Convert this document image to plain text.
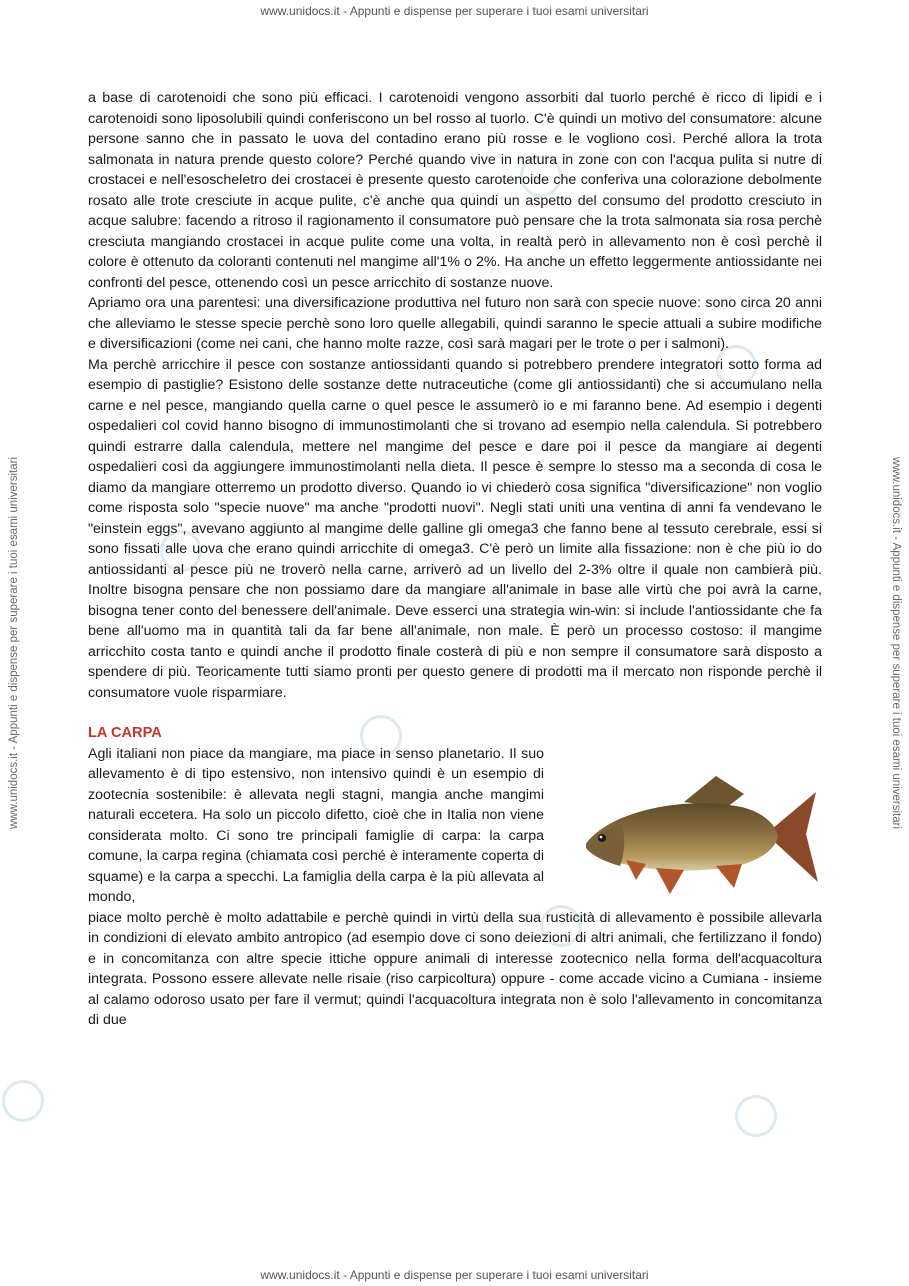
www.unidocs.it - Appunti e dispense per superare i tuoi esami universitari
www.unidocs.it - Appunti e dispense per superare i tuoi esami universitari	www.unidocs.it - Appunti e dispense per superare i tuoi esami universitari

a base di carotenoidi che sono più efficaci. I carotenoidi vengono assorbiti dal tuorlo perché è ricco di lipidi e i carotenoidi sono liposolubili quindi conferiscono un bel rosso al tuorlo. C'è quindi un motivo del consumatore: alcune persone sanno che in passato le uova del contadino erano più rosse e le vogliono così. Perché allora la trota salmonata in natura prende questo colore? Perché quando vive in natura in zone con con l'acqua pulita si nutre di crostacei e nell'esoscheletro dei crostacei è presente questo carotenoide che conferiva una colorazione debolmente rosato alle trote cresciute in acque pulite, c'è anche qua quindi un aspetto del consumo del prodotto cresciuto in acque salubre: facendo a ritroso il ragionamento il consumatore può pensare che la trota salmonata sia rosa perchè cresciuta mangiando crostacei in acque pulite come una volta, in realtà però in allevamento non è così perchè il colore è ottenuto da coloranti contenuti nel mangime all'1% o 2%. Ha anche un effetto leggermente antiossidante nei confronti del pesce, ottenendo così un pesce arricchito di sostanze nuove.

Apriamo ora una parentesi: una diversificazione produttiva nel futuro non sarà con specie nuove: sono circa 20 anni che alleviamo le stesse specie perchè sono loro quelle allegabili, quindi saranno le specie attuali a subire modifiche e diversificazioni (come nei cani, che hanno molte razze, così sarà magari per le trote o per i salmoni).

Ma perchè arricchire il pesce con sostanze antiossidanti quando si potrebbero prendere integratori sotto forma ad esempio di pastiglie? Esistono delle sostanze dette nutraceutiche (come gli antiossidanti) che si accumulano nella carne e nel pesce, mangiando quella carne o quel pesce le assumerò io e mi faranno bene. Ad esempio i degenti ospedalieri col covid hanno bisogno di immunostimolanti che si trovano ad esempio nella calendula. Si potrebbero quindi estrarre dalla calendula, mettere nel mangime del pesce e dare poi il pesce da mangiare ai degenti ospedalieri così da aggiungere immunostimolanti nella dieta. Il pesce è sempre lo stesso ma a seconda di cosa le diamo da mangiare otterremo un prodotto diverso. Quando io vi chiederò cosa significa "diversificazione" non voglio come risposta solo "specie nuove" ma anche "prodotti nuovi". Negli stati uniti una ventina di anni fa vendevano le "einstein eggs", avevano aggiunto al mangime delle galline gli omega3 che fanno bene al tessuto cerebrale, essi si sono fissati alle uova che erano quindi arricchite di omega3. C'è però un limite alla fissazione: non è che più io do antiossidanti al pesce più ne troverò nella carne, arriverò ad un livello del 2-3% oltre il quale non cambierà più. Inoltre bisogna pensare che non possiamo dare da mangiare all'animale in base alle virtù che poi avrà la carne, bisogna tener conto del benessere dell'animale. Deve esserci una strategia win-win: si include l'antiossidante che fa bene all'uomo ma in quantità tali da far bene all'animale, non male. È però un processo costoso: il mangime arricchito costa tanto e quindi anche il prodotto finale costerà di più e non sempre il consumatore sarà disposto a spendere di più. Teoricamente tutti siamo pronti per questo genere di prodotti ma il mercato non risponde perchè il consumatore vuole risparmiare.

LA CARPA
Agli italiani non piace da mangiare, ma piace in senso planetario. Il suo allevamento è di tipo estensivo, non intensivo quindi è un esempio di zootecnia sostenibile: è allevata negli stagni, mangia anche mangimi naturali eccetera. Ha solo un piccolo difetto, cioè che in Italia non viene considerata molto. Ci sono tre principali famiglie di carpa: la carpa comune, la carpa regina (chiamata così perché è interamente coperta di squame) e la carpa a specchi. La famiglia della carpa è la più allevata al mondo,

piace molto perchè è molto adattabile e perchè quindi in virtù della sua rusticità di allevamento è possibile allevarla in condizioni di elevato ambito antropico (ad esempio dove ci sono deiezioni di altri animali, che fertilizzano il fondo) e in concomitanza con altre specie ittiche oppure animali di interesse zootecnico nella forma dell'acquacoltura integrata. Possono essere allevate nelle risaie (riso carpicoltura) oppure - come accade vicino a Cumiana - insieme al calamo odoroso usato per fare il vermut; quindi l'acquacoltura integrata non è solo l'allevamento in concomitanza di due

www.unidocs.it - Appunti e dispense per superare i tuoi esami universitari
